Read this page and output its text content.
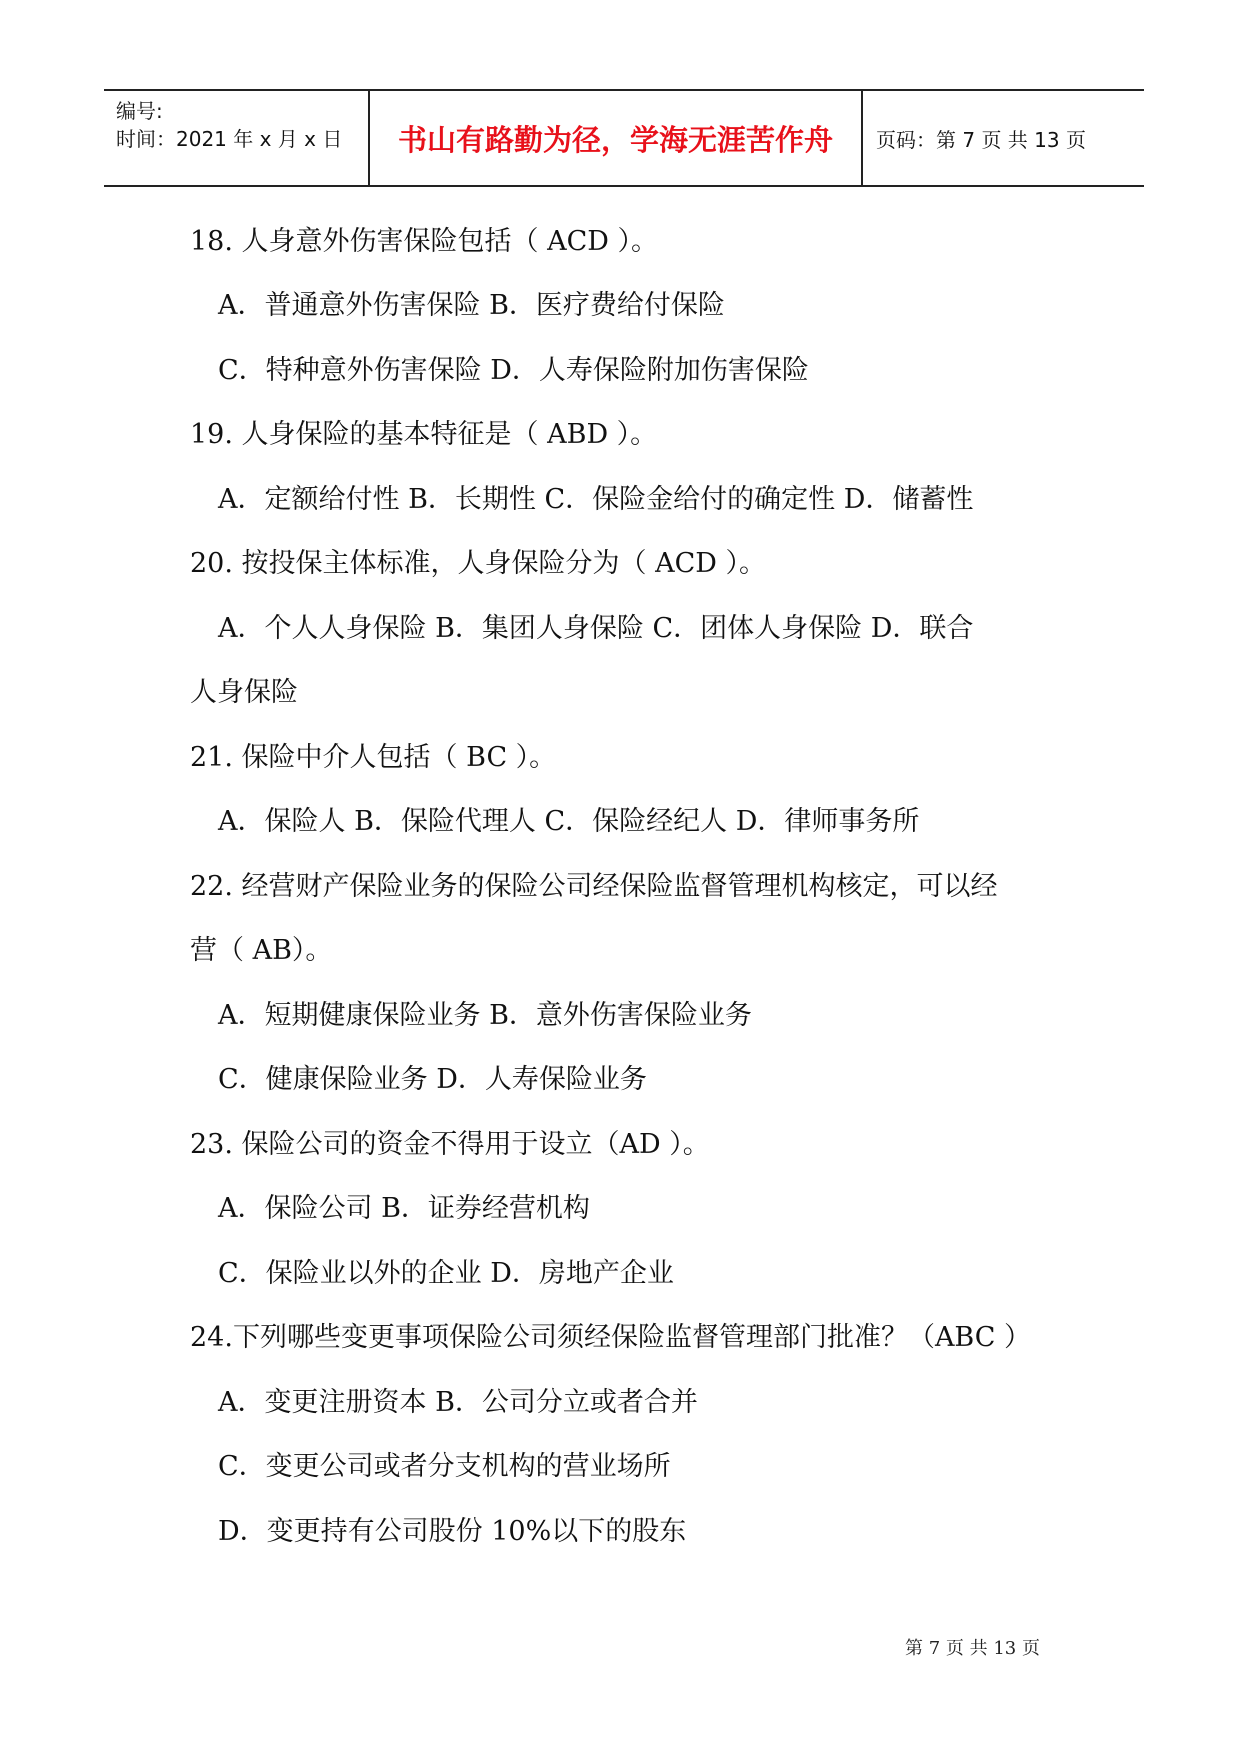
编号:
时间：2021 年 x 月 x 日	书山有路勤为径，学海无涯苦作舟	页码：第 7 页 共 13 页
18. 人身意外伤害保险包括（ ACD ）。
A．普通意外伤害保险 B．医疗费给付保险
C．特种意外伤害保险 D．人寿保险附加伤害保险
19. 人身保险的基本特征是（ ABD ）。
A．定额给付性 B．长期性 C．保险金给付的确定性 D．储蓄性
20. 按投保主体标准，人身保险分为（ ACD ）。
A．个人人身保险 B．集团人身保险 C．团体人身保险 D．联合
人身保险
21. 保险中介人包括（ BC ）。
A．保险人 B．保险代理人 C．保险经纪人 D．律师事务所
22. 经营财产保险业务的保险公司经保险监督管理机构核定，可以经
营（ AB）。
A．短期健康保险业务 B．意外伤害保险业务
C．健康保险业务 D．人寿保险业务
23. 保险公司的资金不得用于设立（AD ）。
A．保险公司 B．证券经营机构
C．保险业以外的企业 D．房地产企业
24.下列哪些变更事项保险公司须经保险监督管理部门批准？（ABC ）
A．变更注册资本 B．公司分立或者合并
C．变更公司或者分支机构的营业场所
D．变更持有公司股份 10%以下的股东
第 7 页 共 13 页
